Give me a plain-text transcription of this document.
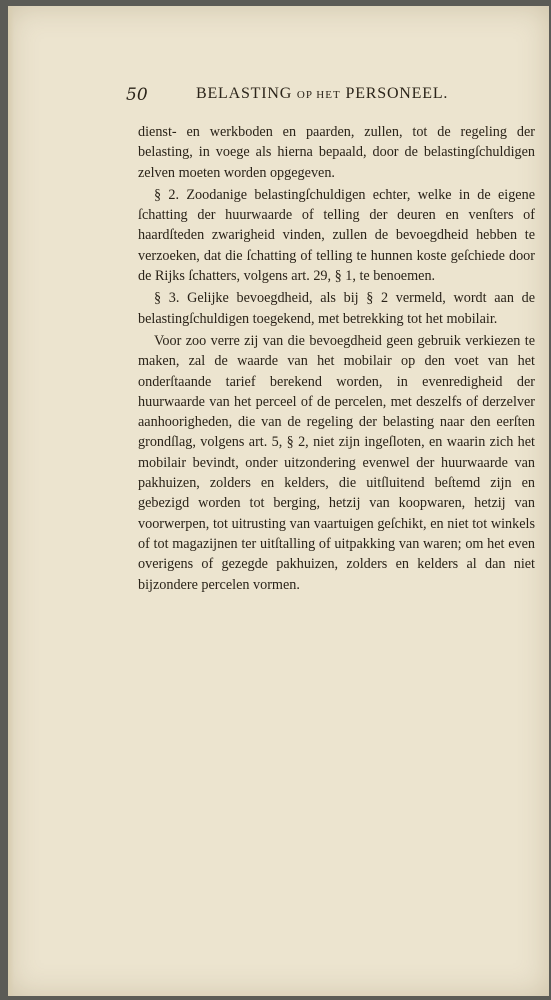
50	BELASTING OP HET PERSONEEL.

dienst- en werkboden en paarden, zullen, tot de regeling der belasting, in voege als hierna bepaald, door de belastingſchuldigen zelven moeten worden opgegeven.

§ 2. Zoodanige belastingſchuldigen echter, welke in de eigene ſchatting der huurwaarde of telling der deuren en venſters of haardſteden zwarigheid vinden, zullen de bevoegdheid hebben te verzoeken, dat die ſchatting of telling te hunnen koste geſchiede door de Rijks ſchatters, volgens art. 29, § 1, te benoemen.

§ 3. Gelijke bevoegdheid, als bij § 2 vermeld, wordt aan de belastingſchuldigen toegekend, met betrekking tot het mobilair.

Voor zoo verre zij van die bevoegdheid geen gebruik verkiezen te maken, zal de waarde van het mobilair op den voet van het onderſtaande tarief berekend worden, in evenredigheid der huurwaarde van het perceel of de percelen, met deszelfs of derzelver aanhoorigheden, die van de regeling der belasting naar den eerſten grondſlag, volgens art. 5, § 2, niet zijn ingeſloten, en waarin zich het mobilair bevindt, onder uitzondering evenwel der huurwaarde van pakhuizen, zolders en kelders, die uitſluitend beſtemd zijn en gebezigd worden tot berging, hetzij van koopwaren, hetzij van voorwerpen, tot uitrusting van vaartuigen geſchikt, en niet tot winkels of tot magazijnen ter uitſtalling of uitpakking van waren; om het even overigens of gezegde pakhuizen, zolders en kelders al dan niet bijzondere percelen vormen.
